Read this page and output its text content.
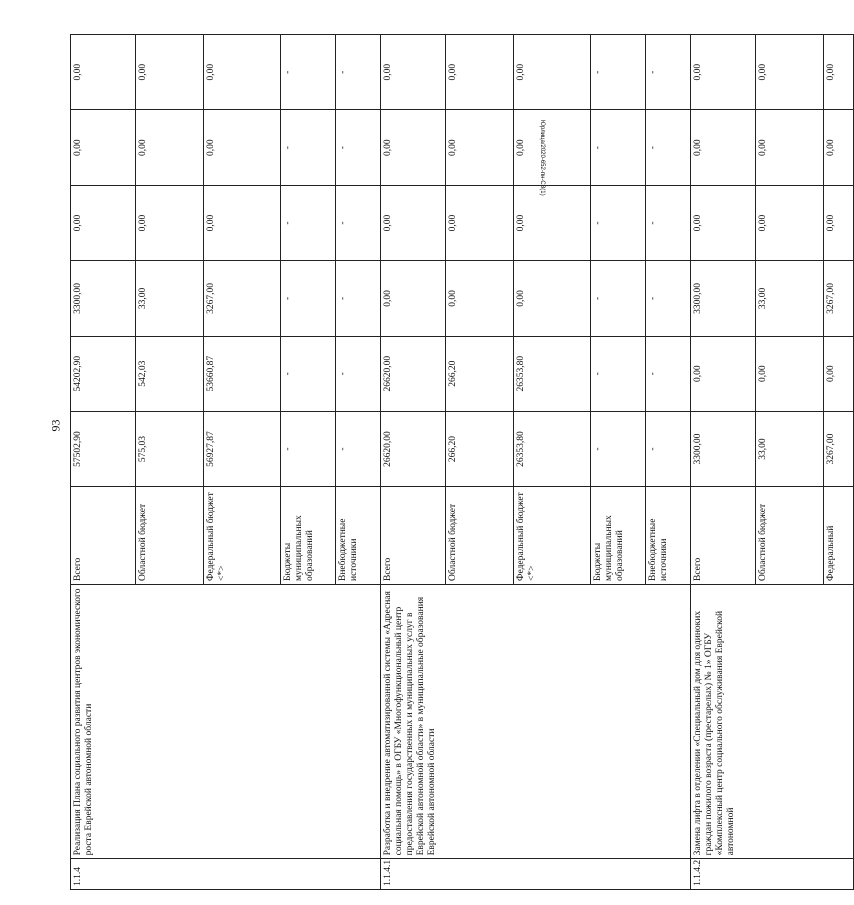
93
Юрлица/2020-652-пн-СЗ(1)
1.1.4	Реализация Плана социального развития центров экономического роста Еврейской автономной области	Всего	57502,90	54202,90	3300,00	0,00	0,00	0,00
		Областной бюджет	575,03	542,03	33,00	0,00	0,00	0,00
		Федеральный бюджет <*>	56927,87	53660,87	3267,00	0,00	0,00	0,00
		Бюджеты муниципальных образований	-	-	-	-	-	-
		Внебюджетные источники	-	-	-	-	-	-
1.1.4.1	Разработка и внедрение автоматизированной системы «Адресная социальная помощь» в ОГБУ «Многофункциональный центр предоставления государственных и муниципальных услуг в Еврейской автономной области» в муниципальные образования Еврейской автономной области	Всего	26620,00	26620,00	0,00	0,00	0,00	0,00
		Областной бюджет	266,20	266,20	0,00	0,00	0,00	0,00
		Федеральный бюджет <*>	26353,80	26353,80	0,00	0,00	0,00	0,00
		Бюджеты муниципальных образований	-	-	-	-	-	-
		Внебюджетные источники	-	-	-	-	-	-
1.1.4.2	Замена лифта в отделении «Специальный дом для одиноких граждан пожилого возраста (престарелых) № 1» ОГБУ «Комплексный центр социального обслуживания Еврейской автономной	Всего	3300,00	0,00	3300,00	0,00	0,00	0,00
		Областной бюджет	33,00	0,00	33,00	0,00	0,00	0,00
		Федеральный	3267,00	0,00	3267,00	0,00	0,00	0,00
